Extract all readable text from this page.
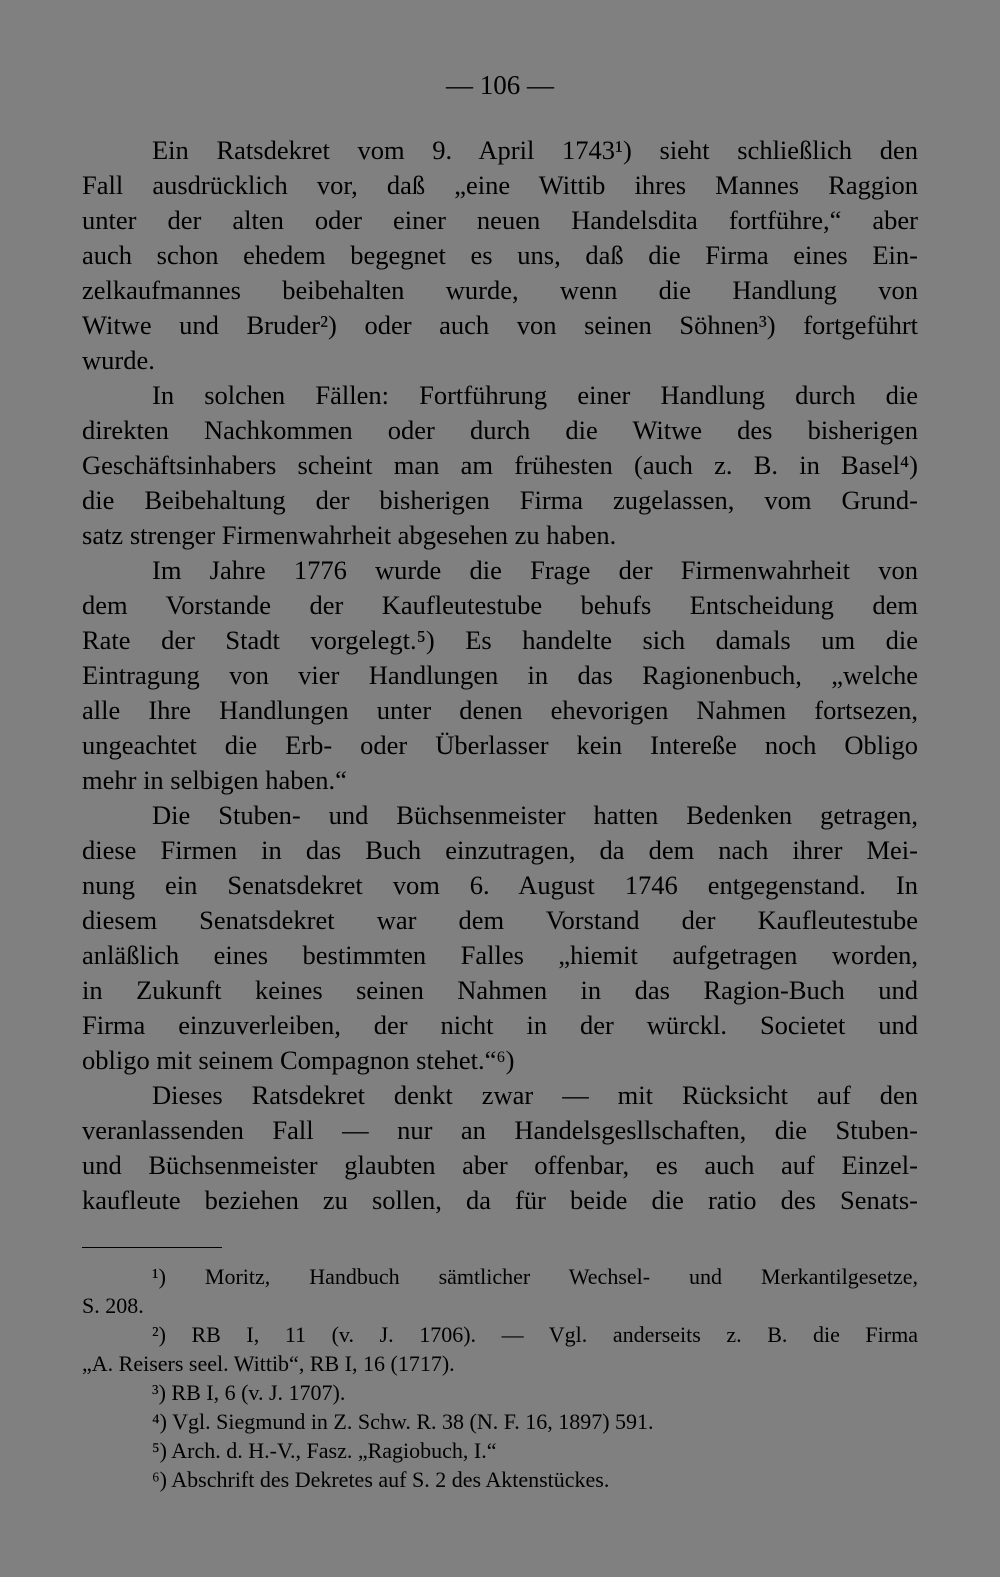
— 106 —
Ein Ratsdekret vom 9. April 1743¹) sieht schließlich den
Fall ausdrücklich vor, daß „eine Wittib ihres Mannes Raggion
unter der alten oder einer neuen Handelsdita fortführe,“ aber
auch schon ehedem begegnet es uns, daß die Firma eines Ein-
zelkaufmannes beibehalten wurde, wenn die Handlung von
Witwe und Bruder²) oder auch von seinen Söhnen³) fortgeführt
wurde.
In solchen Fällen: Fortführung einer Handlung durch die
direkten Nachkommen oder durch die Witwe des bisherigen
Geschäftsinhabers scheint man am frühesten (auch z. B. in Basel⁴)
die Beibehaltung der bisherigen Firma zugelassen, vom Grund-
satz strenger Firmenwahrheit abgesehen zu haben.
Im Jahre 1776 wurde die Frage der Firmenwahrheit von
dem Vorstande der Kaufleutestube behufs Entscheidung dem
Rate der Stadt vorgelegt.⁵) Es handelte sich damals um die
Eintragung von vier Handlungen in das Ragionenbuch, „welche
alle Ihre Handlungen unter denen ehevorigen Nahmen fortsezen,
ungeachtet die Erb- oder Überlasser kein Intereße noch Obligo
mehr in selbigen haben.“
Die Stuben- und Büchsenmeister hatten Bedenken getragen,
diese Firmen in das Buch einzutragen, da dem nach ihrer Mei-
nung ein Senatsdekret vom 6. August 1746 entgegenstand. In
diesem Senatsdekret war dem Vorstand der Kaufleutestube
anläßlich eines bestimmten Falles „hiemit aufgetragen worden,
in Zukunft keines seinen Nahmen in das Ragion-Buch und
Firma einzuverleiben, der nicht in der würckl. Societet und
obligo mit seinem Compagnon stehet.“⁶)
Dieses Ratsdekret denkt zwar — mit Rücksicht auf den
veranlassenden Fall — nur an Handelsgesllschaften, die Stuben-
und Büchsenmeister glaubten aber offenbar, es auch auf Einzel-
kaufleute beziehen zu sollen, da für beide die ratio des Senats-
¹) Moritz, Handbuch sämtlicher Wechsel- und Merkantilgesetze,
S. 208.
²) RB I, 11 (v. J. 1706). — Vgl. anderseits z. B. die Firma
„A. Reisers seel. Wittib“, RB I, 16 (1717).
³) RB I, 6 (v. J. 1707).
⁴) Vgl. Siegmund in Z. Schw. R. 38 (N. F. 16, 1897) 591.
⁵) Arch. d. H.-V., Fasz. „Ragiobuch, I.“
⁶) Abschrift des Dekretes auf S. 2 des Aktenstückes.
